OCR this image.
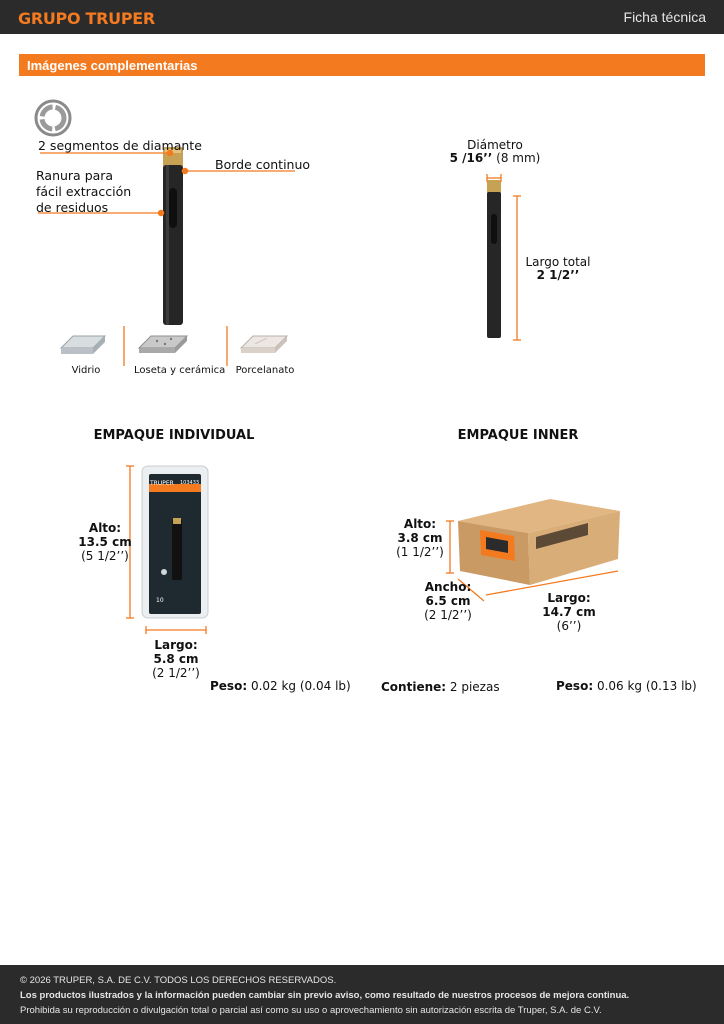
GRUPO TRUPER	Ficha técnica
Imágenes complementarias
2 segmentos de diamante
Borde continuo
Ranura para
fácil extracción
de residuos
Vidrio	Loseta y cerámica	Porcelanato
Diámetro
5 /16’’ (8 mm)
Largo total
2 1/2’’
EMPAQUE INDIVIDUAL
TRUPER 103433
10
Alto:
13.5 cm
(5 1/2’’)
Largo:
5.8 cm
(2 1/2’’)
Peso: 0.02 kg (0.04 lb)
EMPAQUE INNER
Alto:
3.8 cm
(1 1/2’’)
Ancho:
6.5 cm
(2 1/2’’)
Largo:
14.7 cm
(6’’)
Contiene: 2 piezas	Peso: 0.06 kg (0.13 lb)

© 2026 TRUPER, S.A. DE C.V. TODOS LOS DERECHOS RESERVADOS.

Los productos ilustrados y la información pueden cambiar sin previo aviso, como resultado de nuestros procesos de mejora continua.

Prohibida su reproducción o divulgación total o parcial así como su uso o aprovechamiento sin autorización escrita de Truper, S.A. de C.V.
